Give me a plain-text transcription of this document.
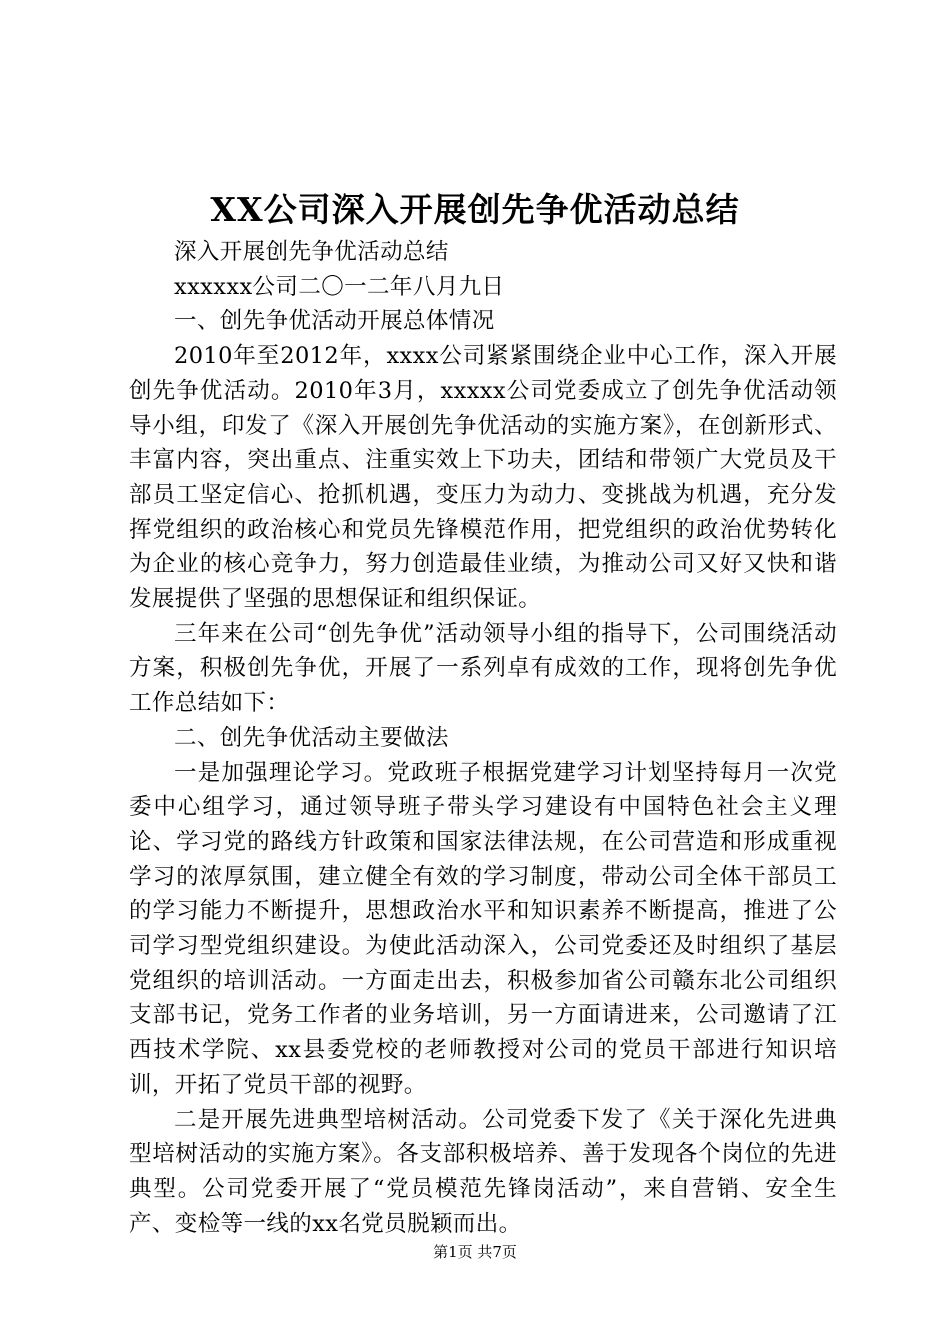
XX公司深入开展创先争优活动总结

深入开展创先争优活动总结

xxxxxx公司二〇一二年八月九日

一、创先争优活动开展总体情况

2010年至2012年，xxxx公司紧紧围绕企业中心工作，深入开展创先争优活动。2010年3月，xxxxx公司党委成立了创先争优活动领导小组，印发了《深入开展创先争优活动的实施方案》，在创新形式、丰富内容，突出重点、注重实效上下功夫，团结和带领广大党员及干部员工坚定信心、抢抓机遇，变压力为动力、变挑战为机遇，充分发挥党组织的政治核心和党员先锋模范作用，把党组织的政治优势转化为企业的核心竞争力，努力创造最佳业绩，为推动公司又好又快和谐发展提供了坚强的思想保证和组织保证。

三年来在公司“创先争优”活动领导小组的指导下，公司围绕活动方案，积极创先争优，开展了一系列卓有成效的工作，现将创先争优工作总结如下：

二、创先争优活动主要做法

一是加强理论学习。党政班子根据党建学习计划坚持每月一次党委中心组学习，通过领导班子带头学习建设有中国特色社会主义理论、学习党的路线方针政策和国家法律法规，在公司营造和形成重视学习的浓厚氛围，建立健全有效的学习制度，带动公司全体干部员工的学习能力不断提升，思想政治水平和知识素养不断提高，推进了公司学习型党组织建设。为使此活动深入，公司党委还及时组织了基层党组织的培训活动。一方面走出去，积极参加省公司赣东北公司组织支部书记，党务工作者的业务培训，另一方面请进来，公司邀请了江西技术学院、xx县委党校的老师教授对公司的党员干部进行知识培训，开拓了党员干部的视野。

二是开展先进典型培树活动。公司党委下发了《关于深化先进典型培树活动的实施方案》。各支部积极培养、善于发现各个岗位的先进典型。公司党委开展了“党员模范先锋岗活动”，来自营销、安全生产、变检等一线的xx名党员脱颖而出。

第1页 共7页
